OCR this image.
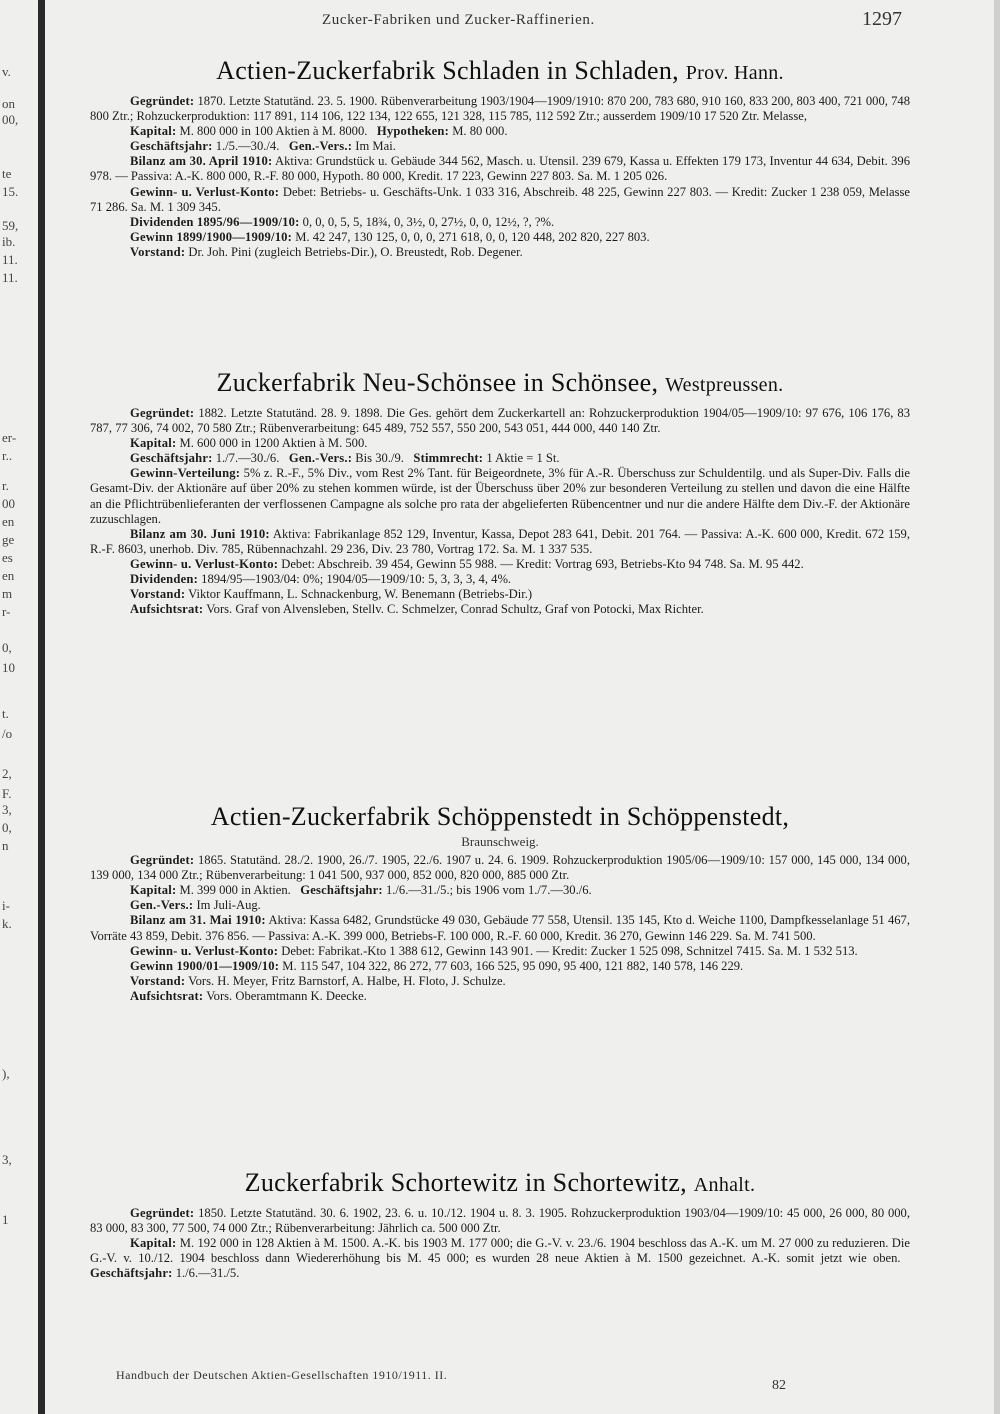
v.
on
00,
te
15.
59,
ib.
11.
11.
er-
r..
r.
00
en
ge
es
en
m
r-
0,
10
t.
/o
2,
F.
3,
0,
n
i-
k.
),
3,
1
Zucker-Fabriken und Zucker-Raffinerien.	1297
Actien-Zuckerfabrik Schladen in Schladen, Prov. Hann.

Gegründet: 1870. Letzte Statutänd. 23. 5. 1900. Rübenverarbeitung 1903/1904—1909/1910: 870 200, 783 680, 910 160, 833 200, 803 400, 721 000, 748 800 Ztr.; Rohzuckerproduktion: 117 891, 114 106, 122 134, 122 655, 121 328, 115 785, 112 592 Ztr.; ausserdem 1909/10 17 520 Ztr. Melasse,

Kapital: M. 800 000 in 100 Aktien à M. 8000. Hypotheken: M. 80 000.

Geschäftsjahr: 1./5.—30./4. Gen.-Vers.: Im Mai.

Bilanz am 30. April 1910: Aktiva: Grundstück u. Gebäude 344 562, Masch. u. Utensil. 239 679, Kassa u. Effekten 179 173, Inventur 44 634, Debit. 396 978. — Passiva: A.-K. 800 000, R.-F. 80 000, Hypoth. 80 000, Kredit. 17 223, Gewinn 227 803. Sa. M. 1 205 026.

Gewinn- u. Verlust-Konto: Debet: Betriebs- u. Geschäfts-Unk. 1 033 316, Abschreib. 48 225, Gewinn 227 803. — Kredit: Zucker 1 238 059, Melasse 71 286. Sa. M. 1 309 345.

Dividenden 1895/96—1909/10: 0, 0, 0, 5, 5, 18¾, 0, 3½, 0, 27½, 0, 0, 12½, ?, ?%.

Gewinn 1899/1900—1909/10: M. 42 247, 130 125, 0, 0, 0, 271 618, 0, 0, 120 448, 202 820, 227 803.

Vorstand: Dr. Joh. Pini (zugleich Betriebs-Dir.), O. Breustedt, Rob. Degener.

Zuckerfabrik Neu-Schönsee in Schönsee, Westpreussen.

Gegründet: 1882. Letzte Statutänd. 28. 9. 1898. Die Ges. gehört dem Zuckerkartell an: Rohzuckerproduktion 1904/05—1909/10: 97 676, 106 176, 83 787, 77 306, 74 002, 70 580 Ztr.; Rübenverarbeitung: 645 489, 752 557, 550 200, 543 051, 444 000, 440 140 Ztr.

Kapital: M. 600 000 in 1200 Aktien à M. 500.

Geschäftsjahr: 1./7.—30./6. Gen.-Vers.: Bis 30./9. Stimmrecht: 1 Aktie = 1 St.

Gewinn-Verteilung: 5% z. R.-F., 5% Div., vom Rest 2% Tant. für Beigeordnete, 3% für A.-R. Überschuss zur Schuldentilg. und als Super-Div. Falls die Gesamt-Div. der Aktionäre auf über 20% zu stehen kommen würde, ist der Überschuss über 20% zur besonderen Verteilung zu stellen und davon die eine Hälfte an die Pflichtrübenlieferanten der verflossenen Campagne als solche pro rata der abgelieferten Rübencentner und nur die andere Hälfte dem Div.-F. der Aktionäre zuzuschlagen.

Bilanz am 30. Juni 1910: Aktiva: Fabrikanlage 852 129, Inventur, Kassa, Depot 283 641, Debit. 201 764. — Passiva: A.-K. 600 000, Kredit. 672 159, R.-F. 8603, unerhob. Div. 785, Rübennachzahl. 29 236, Div. 23 780, Vortrag 172. Sa. M. 1 337 535.

Gewinn- u. Verlust-Konto: Debet: Abschreib. 39 454, Gewinn 55 988. — Kredit: Vortrag 693, Betriebs-Kto 94 748. Sa. M. 95 442.

Dividenden: 1894/95—1903/04: 0%; 1904/05—1909/10: 5, 3, 3, 3, 4, 4%.

Vorstand: Viktor Kauffmann, L. Schnackenburg, W. Benemann (Betriebs-Dir.)

Aufsichtsrat: Vors. Graf von Alvensleben, Stellv. C. Schmelzer, Conrad Schultz, Graf von Potocki, Max Richter.

Actien-Zuckerfabrik Schöppenstedt in Schöppenstedt,
Braunschweig.

Gegründet: 1865. Statutänd. 28./2. 1900, 26./7. 1905, 22./6. 1907 u. 24. 6. 1909. Rohzuckerproduktion 1905/06—1909/10: 157 000, 145 000, 134 000, 139 000, 134 000 Ztr.; Rübenverarbeitung: 1 041 500, 937 000, 852 000, 820 000, 885 000 Ztr.

Kapital: M. 399 000 in Aktien. Geschäftsjahr: 1./6.—31./5.; bis 1906 vom 1./7.—30./6.

Gen.-Vers.: Im Juli-Aug.

Bilanz am 31. Mai 1910: Aktiva: Kassa 6482, Grundstücke 49 030, Gebäude 77 558, Utensil. 135 145, Kto d. Weiche 1100, Dampfkesselanlage 51 467, Vorräte 43 859, Debit. 376 856. — Passiva: A.-K. 399 000, Betriebs-F. 100 000, R.-F. 60 000, Kredit. 36 270, Gewinn 146 229. Sa. M. 741 500.

Gewinn- u. Verlust-Konto: Debet: Fabrikat.-Kto 1 388 612, Gewinn 143 901. — Kredit: Zucker 1 525 098, Schnitzel 7415. Sa. M. 1 532 513.

Gewinn 1900/01—1909/10: M. 115 547, 104 322, 86 272, 77 603, 166 525, 95 090, 95 400, 121 882, 140 578, 146 229.

Vorstand: Vors. H. Meyer, Fritz Barnstorf, A. Halbe, H. Floto, J. Schulze.

Aufsichtsrat: Vors. Oberamtmann K. Deecke.

Zuckerfabrik Schortewitz in Schortewitz, Anhalt.

Gegründet: 1850. Letzte Statutänd. 30. 6. 1902, 23. 6. u. 10./12. 1904 u. 8. 3. 1905. Rohzuckerproduktion 1903/04—1909/10: 45 000, 26 000, 80 000, 83 000, 83 300, 77 500, 74 000 Ztr.; Rübenverarbeitung: Jährlich ca. 500 000 Ztr.

Kapital: M. 192 000 in 128 Aktien à M. 1500. A.-K. bis 1903 M. 177 000; die G.-V. v. 23./6. 1904 beschloss das A.-K. um M. 27 000 zu reduzieren. Die G.-V. v. 10./12. 1904 beschloss dann Wiedererhöhung bis M. 45 000; es wurden 28 neue Aktien à M. 1500 gezeichnet. A.-K. somit jetzt wie oben.   Geschäftsjahr: 1./6.—31./5.

Handbuch der Deutschen Aktien-Gesellschaften 1910/1911. II.
82
